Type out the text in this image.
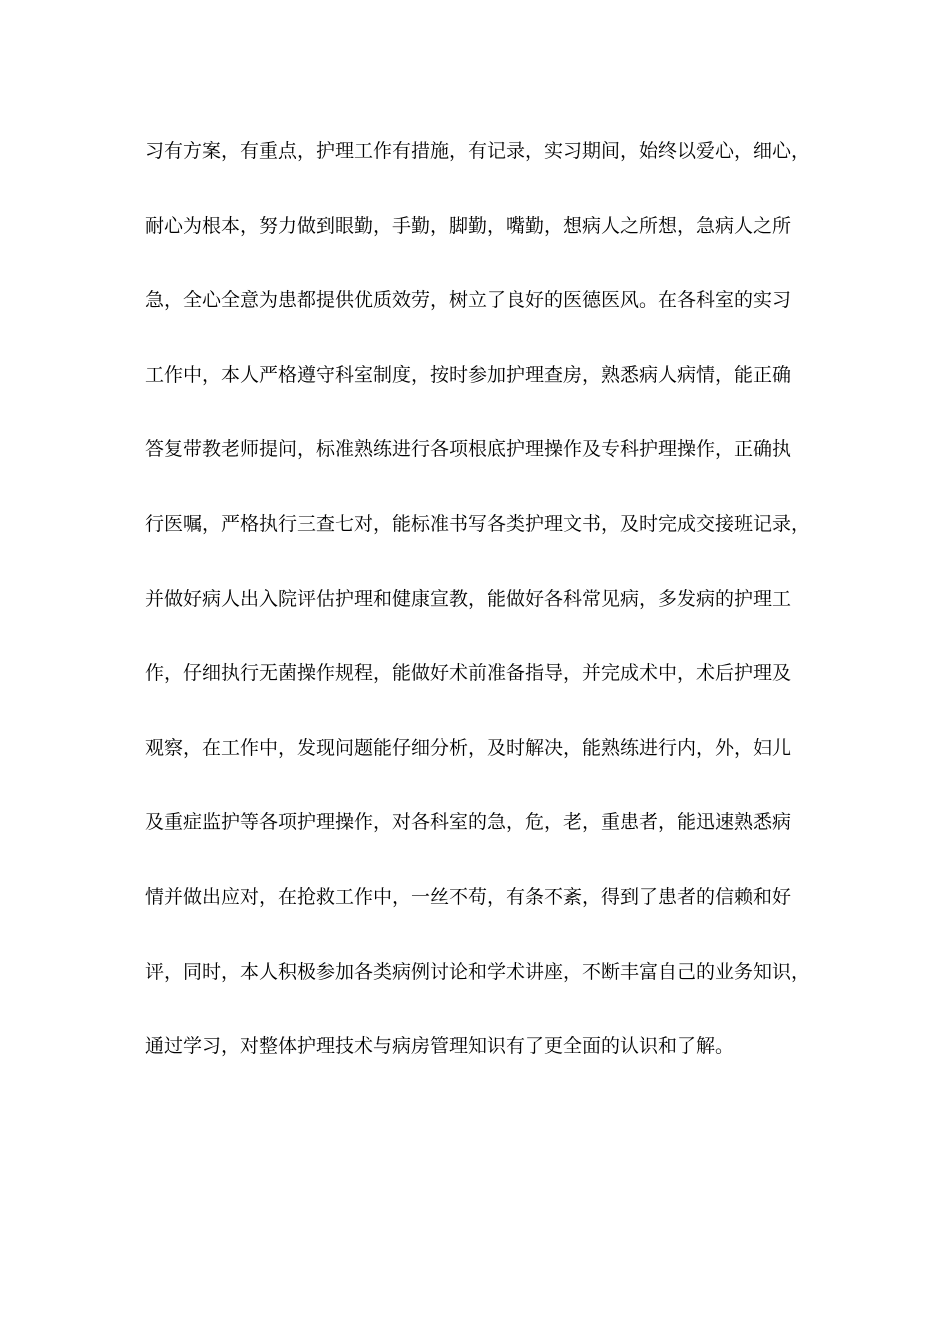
习有方案，有重点，护理工作有措施，有记录，实习期间，始终以爱心，细心，
耐心为根本，努力做到眼勤，手勤，脚勤，嘴勤，想病人之所想，急病人之所
急，全心全意为患都提供优质效劳，树立了良好的医德医风。在各科室的实习
工作中，本人严格遵守科室制度，按时参加护理查房，熟悉病人病情，能正确
答复带教老师提问，标准熟练进行各项根底护理操作及专科护理操作，正确执
行医嘱，严格执行三查七对，能标准书写各类护理文书，及时完成交接班记录，
并做好病人出入院评估护理和健康宣教，能做好各科常见病，多发病的护理工
作，仔细执行无菌操作规程，能做好术前准备指导，并完成术中，术后护理及
观察，在工作中，发现问题能仔细分析，及时解决，能熟练进行内，外，妇儿
及重症监护等各项护理操作，对各科室的急，危，老，重患者，能迅速熟悉病
情并做出应对，在抢救工作中，一丝不苟，有条不紊，得到了患者的信赖和好
评，同时，本人积极参加各类病例讨论和学术讲座，不断丰富自己的业务知识，
通过学习，对整体护理技术与病房管理知识有了更全面的认识和了解。
